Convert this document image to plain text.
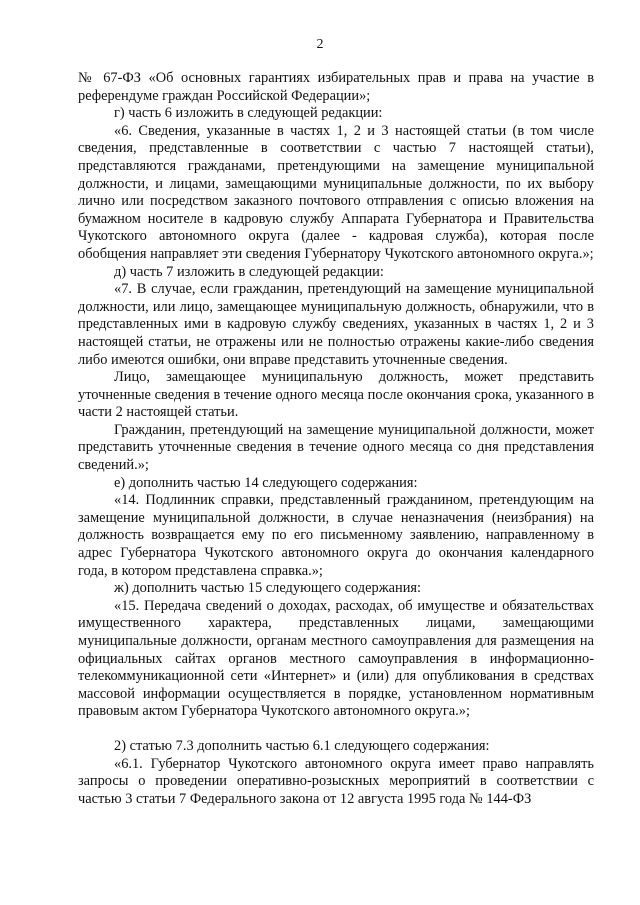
2

№ 67-ФЗ «Об основных гарантиях избирательных прав и права на участие в референдуме граждан Российской Федерации»;

г) часть 6 изложить в следующей редакции:

«6. Сведения, указанные в частях 1, 2 и 3 настоящей статьи (в том числе сведения, представленные в соответствии с частью 7 настоящей статьи), представляются гражданами, претендующими на замещение муниципальной должности, и лицами, замещающими муниципальные должности, по их выбору лично или посредством заказного почтового отправления с описью вложения на бумажном носителе в кадровую службу Аппарата Губернатора и Правительства Чукотского автономного округа (далее - кадровая служба), которая после обобщения направляет эти сведения Губернатору Чукотского автономного округа.»;

д) часть 7 изложить в следующей редакции:

«7. В случае, если гражданин, претендующий на замещение муниципальной должности, или лицо, замещающее муниципальную должность, обнаружили, что в представленных ими в кадровую службу сведениях, указанных в частях 1, 2 и 3 настоящей статьи, не отражены или не полностью отражены какие-либо сведения либо имеются ошибки, они вправе представить уточненные сведения.

Лицо, замещающее муниципальную должность, может представить уточненные сведения в течение одного месяца после окончания срока, указанного в части 2 настоящей статьи.

Гражданин, претендующий на замещение муниципальной должности, может представить уточненные сведения в течение одного месяца со дня представления сведений.»;

е) дополнить частью 14 следующего содержания:

«14. Подлинник справки, представленный гражданином, претендующим на замещение муниципальной должности, в случае неназначения (неизбрания) на должность возвращается ему по его письменному заявлению, направленному в адрес Губернатора Чукотского автономного округа до окончания календарного года, в котором представлена справка.»;

ж) дополнить частью 15 следующего содержания:

«15. Передача сведений о доходах, расходах, об имуществе и обязательствах имущественного характера, представленных лицами, замещающими муниципальные должности, органам местного самоуправления для размещения на официальных сайтах органов местного самоуправления в информационно-телекоммуникационной сети «Интернет» и (или) для опубликования в средствах массовой информации осуществляется в порядке, установленном нормативным правовым актом Губернатора Чукотского автономного округа.»;

2) статью 7.3 дополнить частью 6.1 следующего содержания:

«6.1. Губернатор Чукотского автономного округа имеет право направлять запросы о проведении оперативно-розыскных мероприятий в соответствии с частью 3 статьи 7 Федерального закона от 12 августа 1995 года № 144-ФЗ
